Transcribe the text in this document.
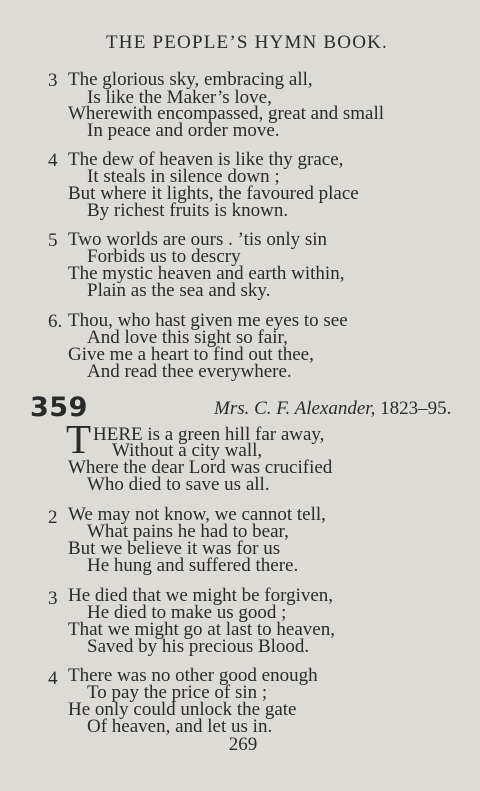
THE PEOPLE’S HYMN BOOK.
3 The glorious sky, embracing all,
Is like the Maker’s love,
Wherewith encompassed, great and small
In peace and order move.
4 The dew of heaven is like thy grace,
It steals in silence down ;
But where it lights, the favoured place
By richest fruits is known.
5 Two worlds are ours . ’tis only sin
Forbids us to descry
The mystic heaven and earth within,
Plain as the sea and sky.
6. Thou, who hast given me eyes to see
And love this sight so fair,
Give me a heart to find out thee,
And read thee everywhere.
359	Mrs. C. F. Alexander, 1823–95.
T HERE is a green hill far away,
Without a city wall,
Where the dear Lord was crucified
Who died to save us all.
2 We may not know, we cannot tell,
What pains he had to bear,
But we believe it was for us
He hung and suffered there.
3 He died that we might be forgiven,
He died to make us good ;
That we might go at last to heaven,
Saved by his precious Blood.
4 There was no other good enough
To pay the price of sin ;
He only could unlock the gate
Of heaven, and let us in.
269
